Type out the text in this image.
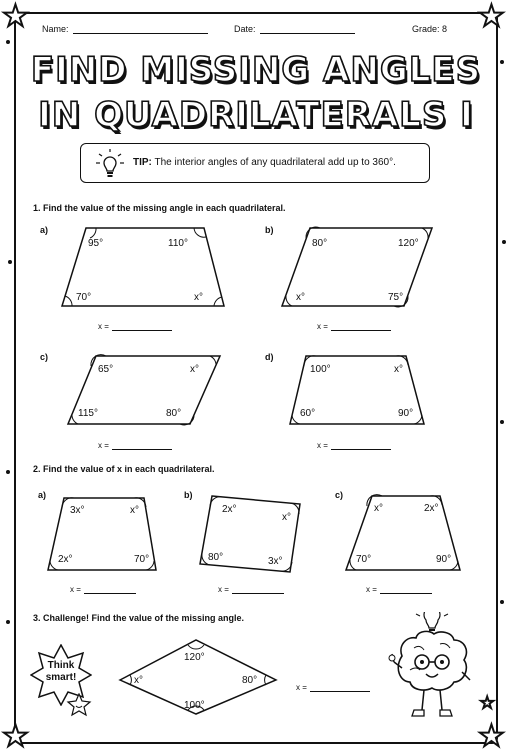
★	★
★	★
★
Name:	Date:	Grade: 8
FIND MISSING ANGLES
IN QUADRILATERALS I
TIP: The interior angles of any quadrilateral add up to 360°.
1. Find the value of the missing angle in each quadrilateral.
a)
95°	110°
x°
70°
x =
b)
80°	120°
75°
x°
x =
c)
65°	x°
80°
115°
x =
d)
100°	x°
90°
60°
x =
2. Find the value of x in each quadrilateral.
a)
3x°	x°
70°
2x°
x =
b)
2x°
x°
3x°
80°
x =
c)
x°	2x°
90°
70°
x =
3. Challenge! Find the value of the missing angle.
Think
smart!
120°
80°
100°
x°
x =
